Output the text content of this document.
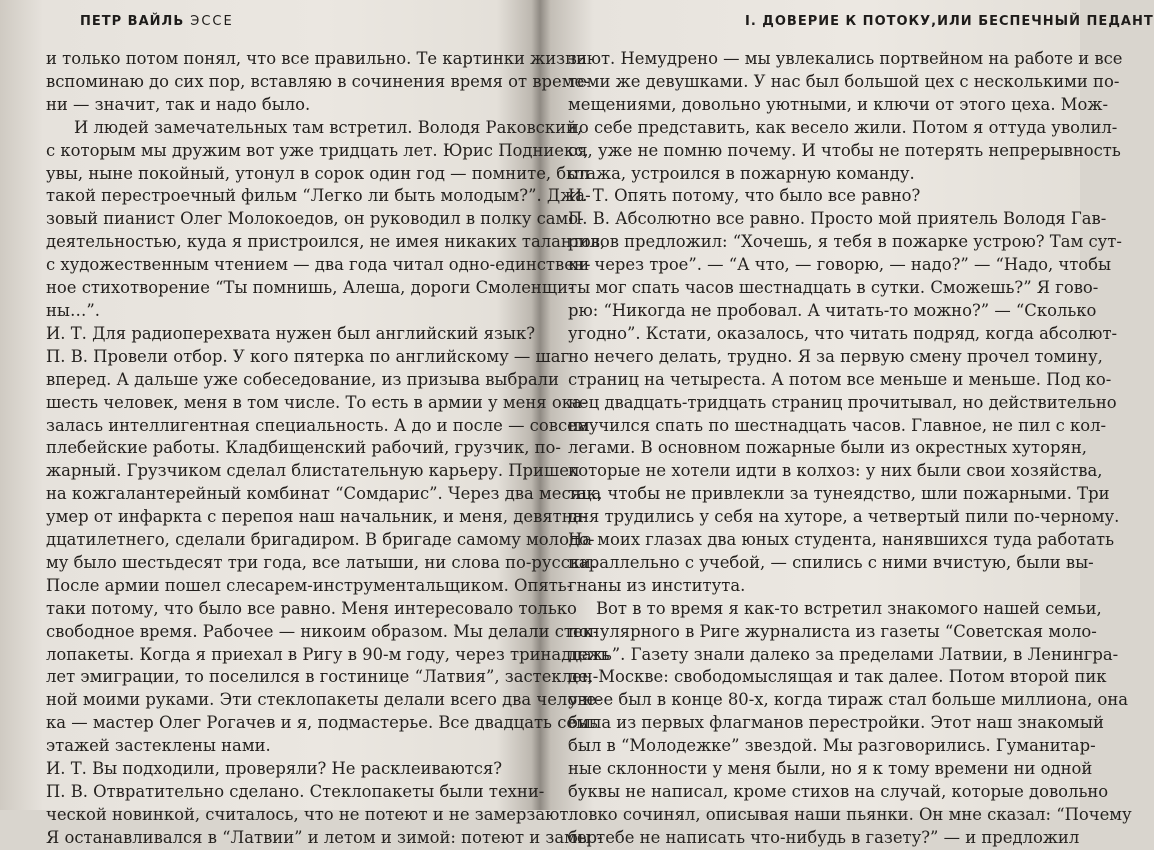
ПЕТР ВАЙЛЬ ЭССЕ
и только потом понял, что все правильно. Те картинки жизни
вспоминаю до сих пор, вставляю в сочинения время от време-
ни — значит, так и надо было.
И людей замечательных там встретил. Володя Раковский,
с которым мы дружим вот уже тридцать лет. Юрис Подниекс,
увы, ныне покойный, утонул в сорок один год — помните, был
такой перестроечный фильм “Легко ли быть молодым?”. Джа-
зовый пианист Олег Молокоедов, он руководил в полку само-
деятельностью, куда я пристроился, не имея никаких талантов,
с художественным чтением — два года читал одно-единствен-
ное стихотворение “Ты помнишь, Алеша, дороги Смоленщи-
ны…”.
И. Т. Для радиоперехвата нужен был английский язык?
П. В. Провели отбор. У кого пятерка по английскому — шаг
вперед. А дальше уже собеседование, из призыва выбрали
шесть человек, меня в том числе. То есть в армии у меня ока-
залась интеллигентная специальность. А до и после — совсем
плебейские работы. Кладбищенский рабочий, грузчик, по-
жарный. Грузчиком сделал блистательную карьеру. Пришел
на кожгалантерейный комбинат “Сомдарис”. Через два месяца
умер от инфаркта с перепоя наш начальник, и меня, девятна-
дцатилетнего, сделали бригадиром. В бригаде самому молодо-
му было шестьдесят три года, все латыши, ни слова по-русски.
После армии пошел слесарем-инструментальщиком. Опять-
таки потому, что было все равно. Меня интересовало только
свободное время. Рабочее — никоим образом. Мы делали стек-
лопакеты. Когда я приехал в Ригу в 90-м году, через тринадцать
лет эмиграции, то поселился в гостинице “Латвия”, застеклен-
ной моими руками. Эти стеклопакеты делали всего два челове-
ка — мастер Олег Рогачев и я, подмастерье. Все двадцать семь
этажей застеклены нами.
И. Т. Вы подходили, проверяли? Не расклеиваются?
П. В. Отвратительно сделано. Стеклопакеты были техни-
ческой новинкой, считалось, что не потеют и не замерзают.
Я останавливался в “Латвии” и летом и зимой: потеют и замер-
I. ДОВЕРИЕ К ПОТОКУ,ИЛИ БЕСПЕЧНЫЙ ПЕДАНТ
зают. Немудрено — мы увлекались портвейном на работе и все
теми же девушками. У нас был большой цех с несколькими по-
мещениями, довольно уютными, и ключи от этого цеха. Мож-
но себе представить, как весело жили. Потом я оттуда уволил-
ся, уже не помню почему. И чтобы не потерять непрерывность
стажа, устроился в пожарную команду.
И. Т. Опять потому, что было все равно?
П. В. Абсолютно все равно. Просто мой приятель Володя Гав-
рилов предложил: “Хочешь, я тебя в пожарке устрою? Там сут-
ки через трое”. — “А что, — говорю, — надо?” — “Надо, чтобы
ты мог спать часов шестнадцать в сутки. Сможешь?” Я гово-
рю: “Никогда не пробовал. А читать-то можно?” — “Сколько
угодно”. Кстати, оказалось, что читать подряд, когда абсолют-
но нечего делать, трудно. Я за первую смену прочел томину,
страниц на четыреста. А потом все меньше и меньше. Под ко-
нец двадцать-тридцать страниц прочитывал, но действительно
научился спать по шестнадцать часов. Главное, не пил с кол-
легами. В основном пожарные были из окрестных хуторян,
которые не хотели идти в колхоз: у них были свои хозяйства,
так, чтобы не привлекли за тунеядство, шли пожарными. Три
дня трудились у себя на хуторе, а четвертый пили по-черному.
На моих глазах два юных студента, нанявшихся туда работать
параллельно с учебой, — спились с ними вчистую, были вы-
гнаны из института.
Вот в то время я как-то встретил знакомого нашей семьи,
популярного в Риге журналиста из газеты “Советская моло-
дежь”. Газету знали далеко за пределами Латвии, в Ленингра-
де, Москве: свободомыслящая и так далее. Потом второй пик
у нее был в конце 80-х, когда тираж стал больше миллиона, она
была из первых флагманов перестройки. Этот наш знакомый
был в “Молодежке” звездой. Мы разговорились. Гуманитар-
ные склонности у меня были, но я к тому времени ни одной
буквы не написал, кроме стихов на случай, которые довольно
ловко сочинял, описывая наши пьянки. Он мне сказал: “Почему
бы тебе не написать что-нибудь в газету?” — и предложил
